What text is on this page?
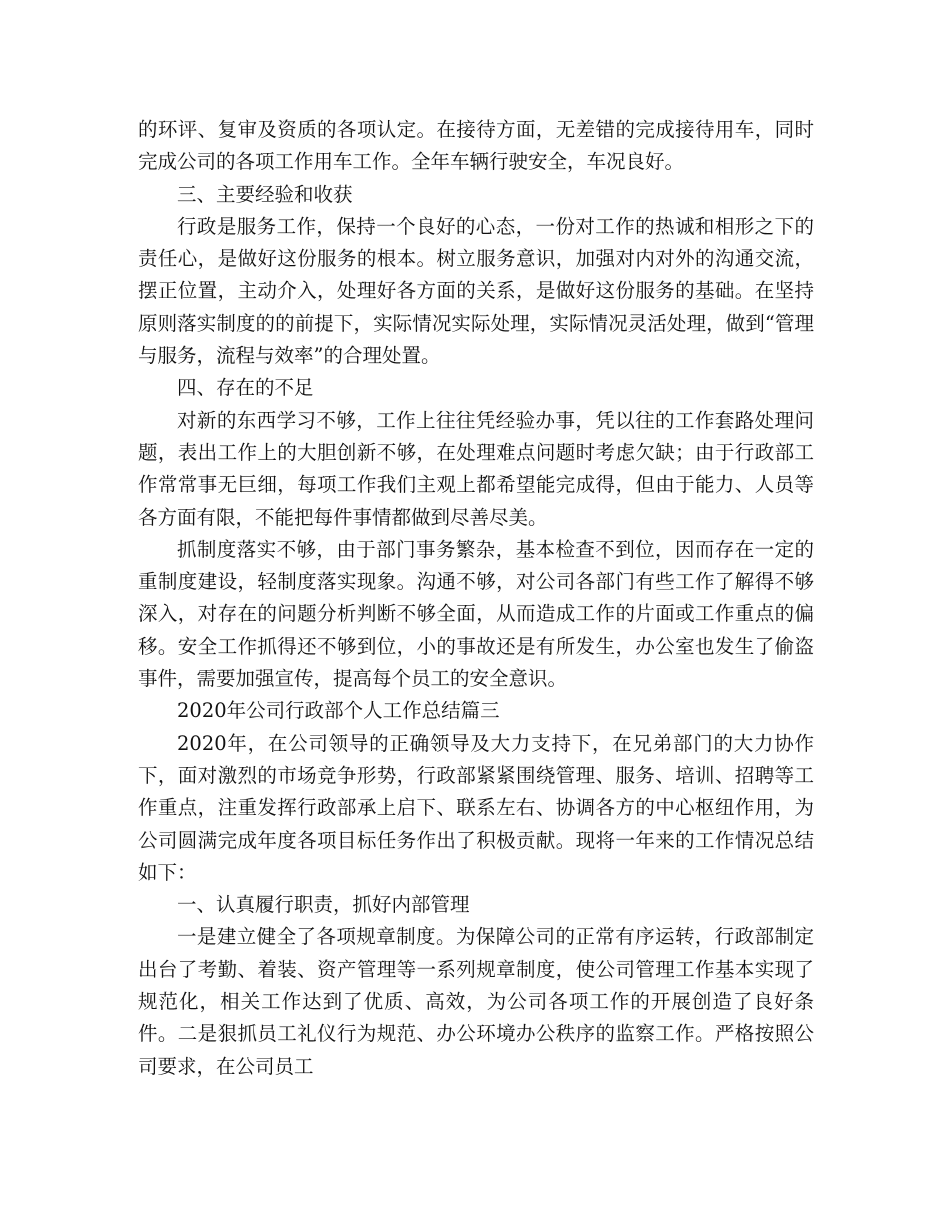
的环评、复审及资质的各项认定。在接待方面，无差错的完成接待用车，同时完成公司的各项工作用车工作。全年车辆行驶安全，车况良好。

三、主要经验和收获

行政是服务工作，保持一个良好的心态，一份对工作的热诚和相形之下的责任心，是做好这份服务的根本。树立服务意识，加强对内对外的沟通交流，摆正位置，主动介入，处理好各方面的关系，是做好这份服务的基础。在坚持原则落实制度的的前提下，实际情况实际处理，实际情况灵活处理，做到“管理与服务，流程与效率”的合理处置。

四、存在的不足

对新的东西学习不够，工作上往往凭经验办事，凭以往的工作套路处理问题，表出工作上的大胆创新不够，在处理难点问题时考虑欠缺；由于行政部工作常常事无巨细，每项工作我们主观上都希望能完成得，但由于能力、人员等各方面有限，不能把每件事情都做到尽善尽美。

抓制度落实不够，由于部门事务繁杂，基本检查不到位，因而存在一定的重制度建设，轻制度落实现象。沟通不够，对公司各部门有些工作了解得不够深入，对存在的问题分析判断不够全面，从而造成工作的片面或工作重点的偏移。安全工作抓得还不够到位，小的事故还是有所发生，办公室也发生了偷盗事件，需要加强宣传，提高每个员工的安全意识。

2020年公司行政部个人工作总结篇三

2020年，在公司领导的正确领导及大力支持下，在兄弟部门的大力协作下，面对激烈的市场竞争形势，行政部紧紧围绕管理、服务、培训、招聘等工作重点，注重发挥行政部承上启下、联系左右、协调各方的中心枢纽作用，为公司圆满完成年度各项目标任务作出了积极贡献。现将一年来的工作情况总结如下：

一、认真履行职责，抓好内部管理

一是建立健全了各项规章制度。为保障公司的正常有序运转，行政部制定出台了考勤、着装、资产管理等一系列规章制度，使公司管理工作基本实现了规范化，相关工作达到了优质、高效，为公司各项工作的开展创造了良好条件。二是狠抓员工礼仪行为规范、办公环境办公秩序的监察工作。严格按照公司要求，在公司员工
